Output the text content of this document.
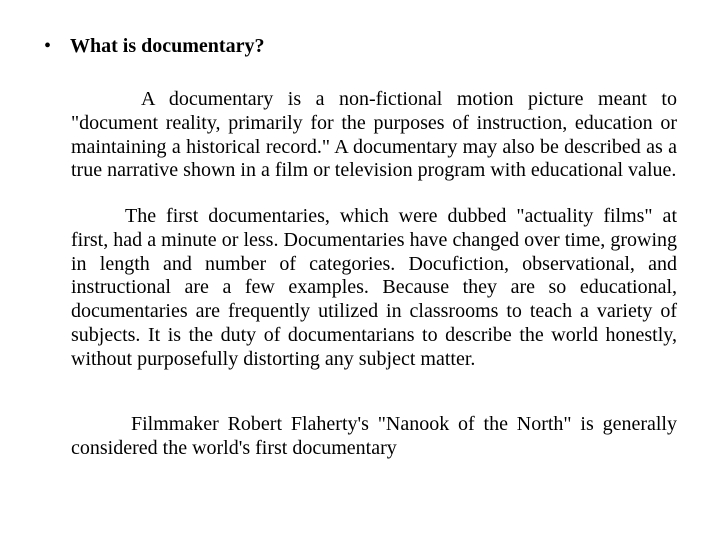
• What is documentary?

A documentary is a non-fictional motion picture meant to "document reality, primarily for the purposes of instruction, education or maintaining a historical record." A documentary may also be described as a true narrative shown in a film or television program with educational value.

The first documentaries, which were dubbed "actuality films" at first, had a minute or less. Documentaries have changed over time, growing in length and number of categories. Docufiction, observational, and instructional are a few examples. Because they are so educational, documentaries are frequently utilized in classrooms to teach a variety of subjects. It is the duty of documentarians to describe the world honestly, without purposefully distorting any subject matter.

Filmmaker Robert Flaherty's "Nanook of the North" is generally considered the world's first documentary
